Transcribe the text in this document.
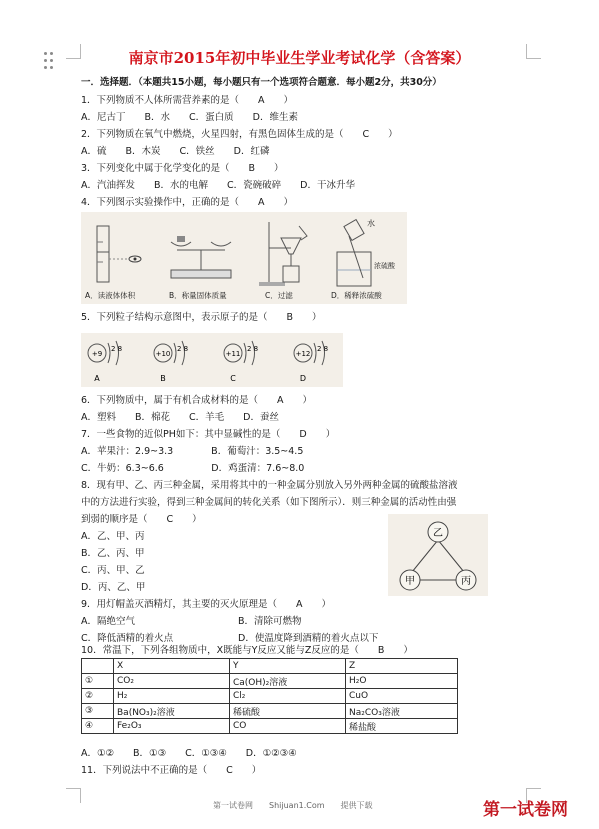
南京市2015年初中毕业生学业考试化学（含答案）
一．选择题．（本题共15小题，每小题只有一个选项符合题意．每小题2分，共30分）
1．下列物质不人体所需营养素的是（　　A　　）
A．尼古丁　　B．水　　C．蛋白质　　D．维生素
2．下列物质在氧气中燃烧，火星四射，有黑色固体生成的是（　　C　　）
A．硫　　B．木炭　　C．铁丝　　D．红磷
3．下列变化中属于化学变化的是（　　B　　）
A．汽油挥发　　B．水的电解　　C．瓷碗破碎　　D．干冰升华
4．下列图示实验操作中，正确的是（　　A　　）
水
浓硫酸
A．读液体体积	B．称量固体质量	C．过滤	D．稀释浓硫酸
5．下列粒子结构示意图中，表示原子的是（　　B　　）
+9
2 8
A
+10
2 8
B
+11
2 8
C
+12
2 8
D
6．下列物质中，属于有机合成材料的是（　　A　　）
A．塑料　　B．棉花　　C．羊毛　　D．蚕丝
7．一些食物的近似PH如下：其中显碱性的是（　　D　　）
A．苹果汁：2.9~3.3　　　　B．葡萄汁：3.5~4.5
C．牛奶：6.3~6.6　　　　　D．鸡蛋清：7.6~8.0
8．现有甲、乙、丙三种金属，采用将其中的一种金属分别放入另外两种金属的硫酸盐溶液
中的方法进行实验，得到三种金属间的转化关系（如下图所示）．则三种金属的活动性由强
到弱的顺序是（　　C　　）
A．乙、甲、丙
B．乙、丙、甲
C．丙、甲、乙
D．丙、乙、甲
乙
甲	丙
9．用灯帽盖灭酒精灯，其主要的灭火原理是（　　A　　）
A．隔绝空气	B．清除可燃物
C．降低酒精的着火点	D．使温度降到酒精的着火点以下
10．常温下，下列各组物质中，X既能与Y反应又能与Z反应的是（　　B　　）
	X	Y	Z
①	CO₂	Ca(OH)₂溶液	H₂O
②	H₂	Cl₂	CuO
③	Ba(NO₃)₂溶液	稀硫酸	Na₂CO₃溶液
④	Fe₂O₃	CO	稀盐酸
A．①②　　B．①③　　C．①③④　　D．①②③④
11．下列说法中不正确的是（　　C　　）
第一试卷网　　Shijuan1.Com　　提供下载	第一试卷网
